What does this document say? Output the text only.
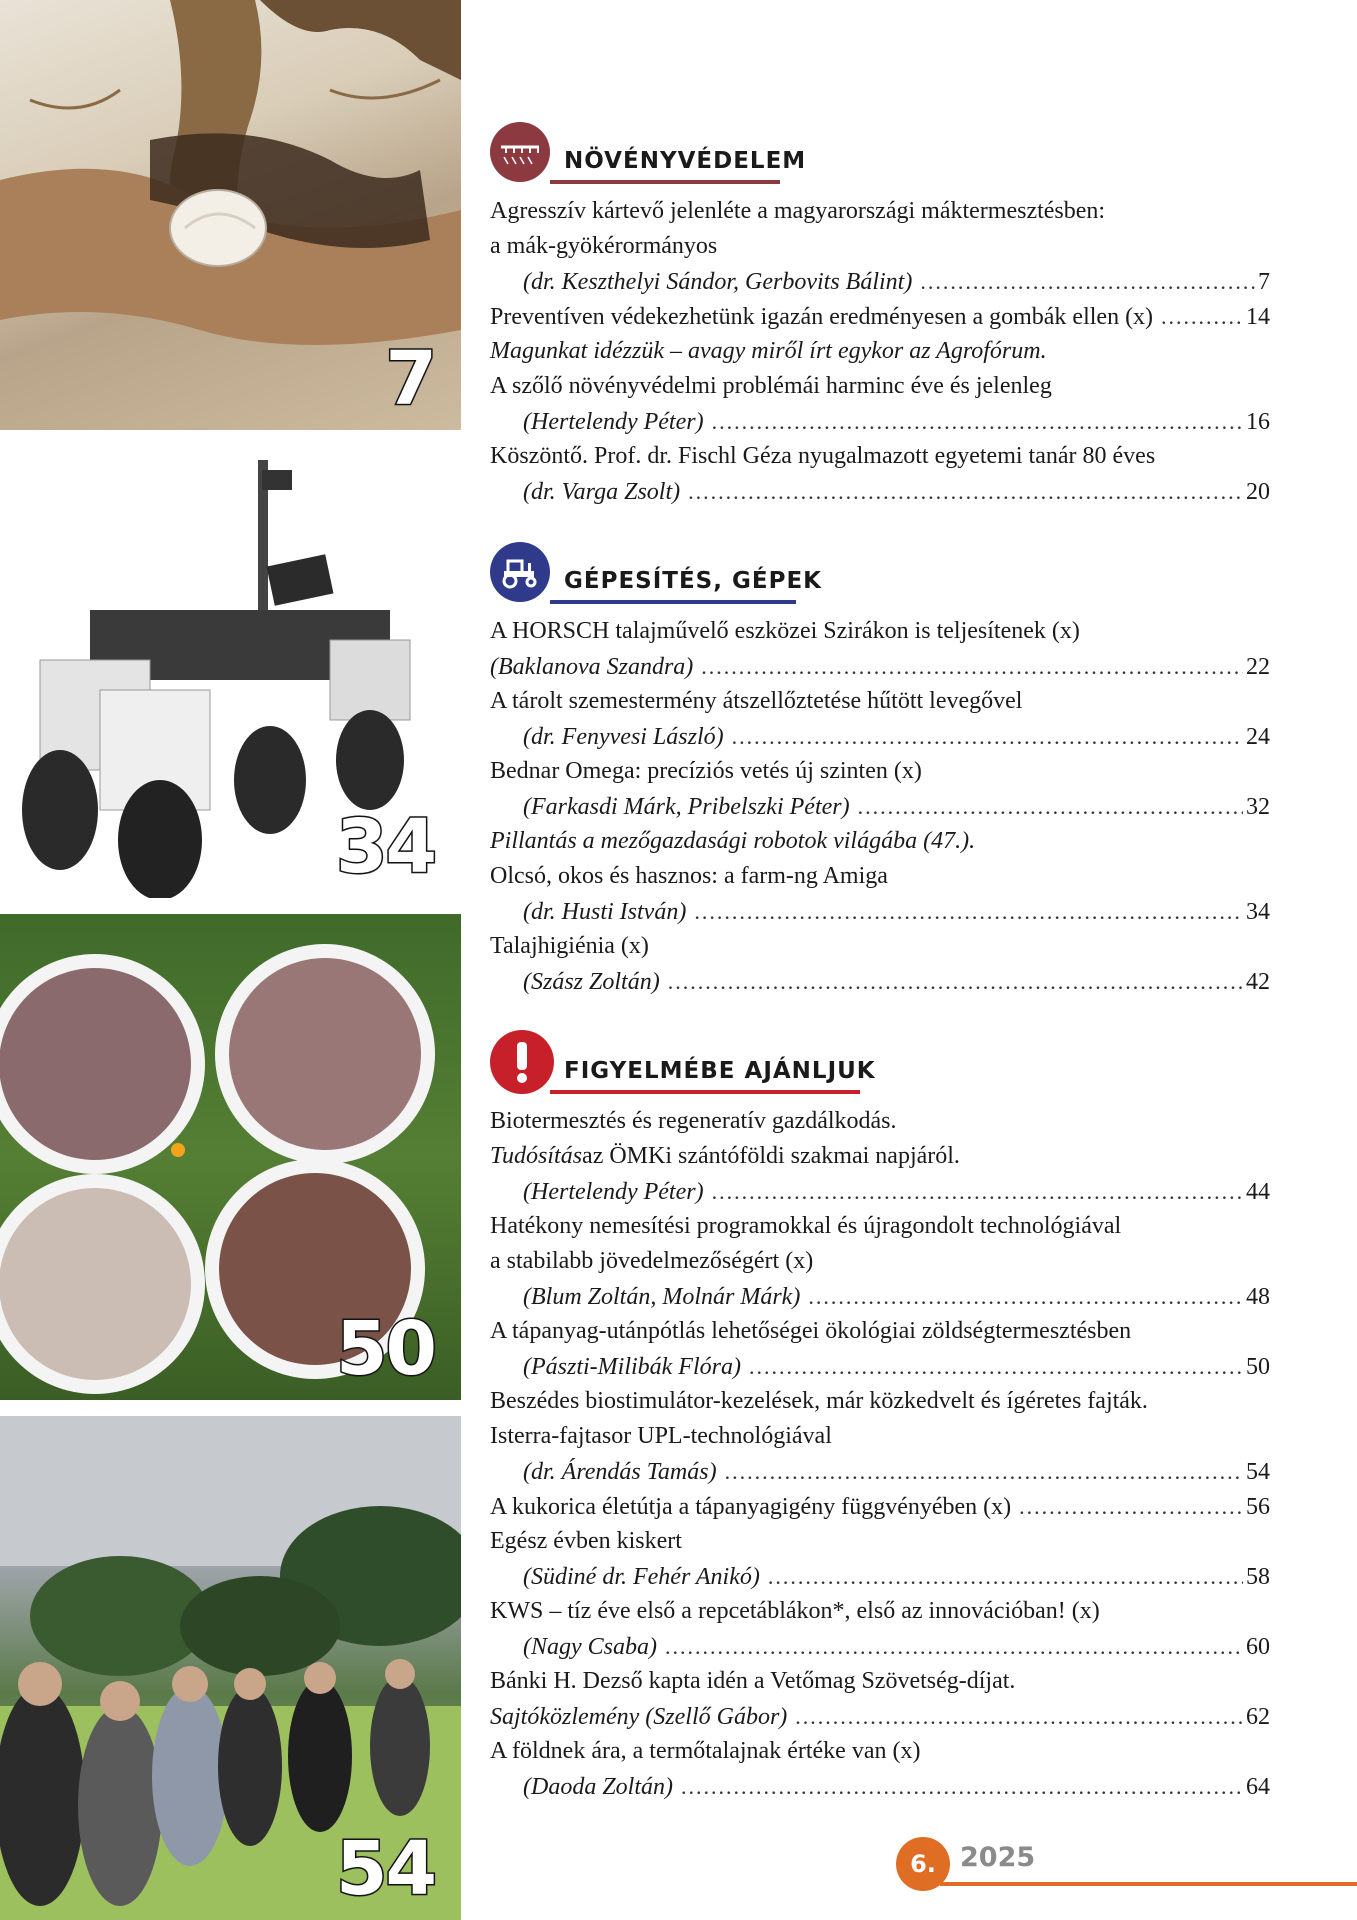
7
34
50
54
NÖVÉNYVÉDELEM
Agresszív kártevő jelenléte a magyarországi máktermesztésben:
a mák-gyökérormányos
(dr. Keszthelyi Sándor, Gerbovits Bálint) .....	7
Preventíven védekezhetünk igazán eredményesen a gombák ellen (x) .....	14
Magunkat idézzük – avagy miről írt egykor az Agrofórum.
A szőlő növényvédelmi problémái harminc éve és jelenleg
(Hertelendy Péter) .....	16
Köszöntő. Prof. dr. Fischl Géza nyugalmazott egyetemi tanár 80 éves
(dr. Varga Zsolt) .....	20
GÉPESÍTÉS, GÉPEK
A HORSCH talajművelő eszközei Szirákon is teljesítenek (x)
(Baklanova Szandra) .....	22
A tárolt szemestermény átszellőztetése hűtött levegővel
(dr. Fenyvesi László) .....	24
Bednar Omega: precíziós vetés új szinten (x)
(Farkasdi Márk, Pribelszki Péter) .....	32
Pillantás a mezőgazdasági robotok világába (47.).
Olcsó, okos és hasznos: a farm-ng Amiga
(dr. Husti István) .....	34
Talajhigiénia (x)
(Szász Zoltán) .....	42
FIGYELMÉBE AJÁNLJUK
Biotermesztés és regeneratív gazdálkodás.
Tudósítás az ÖMKi szántóföldi szakmai napjáról.
(Hertelendy Péter) .....	44
Hatékony nemesítési programokkal és újragondolt technológiával
a stabilabb jövedelmezőségért (x)
(Blum Zoltán, Molnár Márk) .....	48
A tápanyag-utánpótlás lehetőségei ökológiai zöldségtermesztésben
(Pászti-Milibák Flóra) .....	50
Beszédes biostimulátor-kezelések, már közkedvelt és ígéretes fajták.
Isterra-fajtasor UPL-technológiával
(dr. Árendás Tamás) .....	54
A kukorica életútja a tápanyagigény függvényében (x) .....	56
Egész évben kiskert
(Südiné dr. Fehér Anikó) .....	58
KWS – tíz éve első a repcetáblákon*, első az innovációban! (x)
(Nagy Csaba) .....	60
Bánki H. Dezső kapta idén a Vetőmag Szövetség-díjat.
Sajtóközlemény (Szellő Gábor) .....	62
A földnek ára, a termőtalajnak értéke van (x)
(Daoda Zoltán) .....	64
6. 2025
